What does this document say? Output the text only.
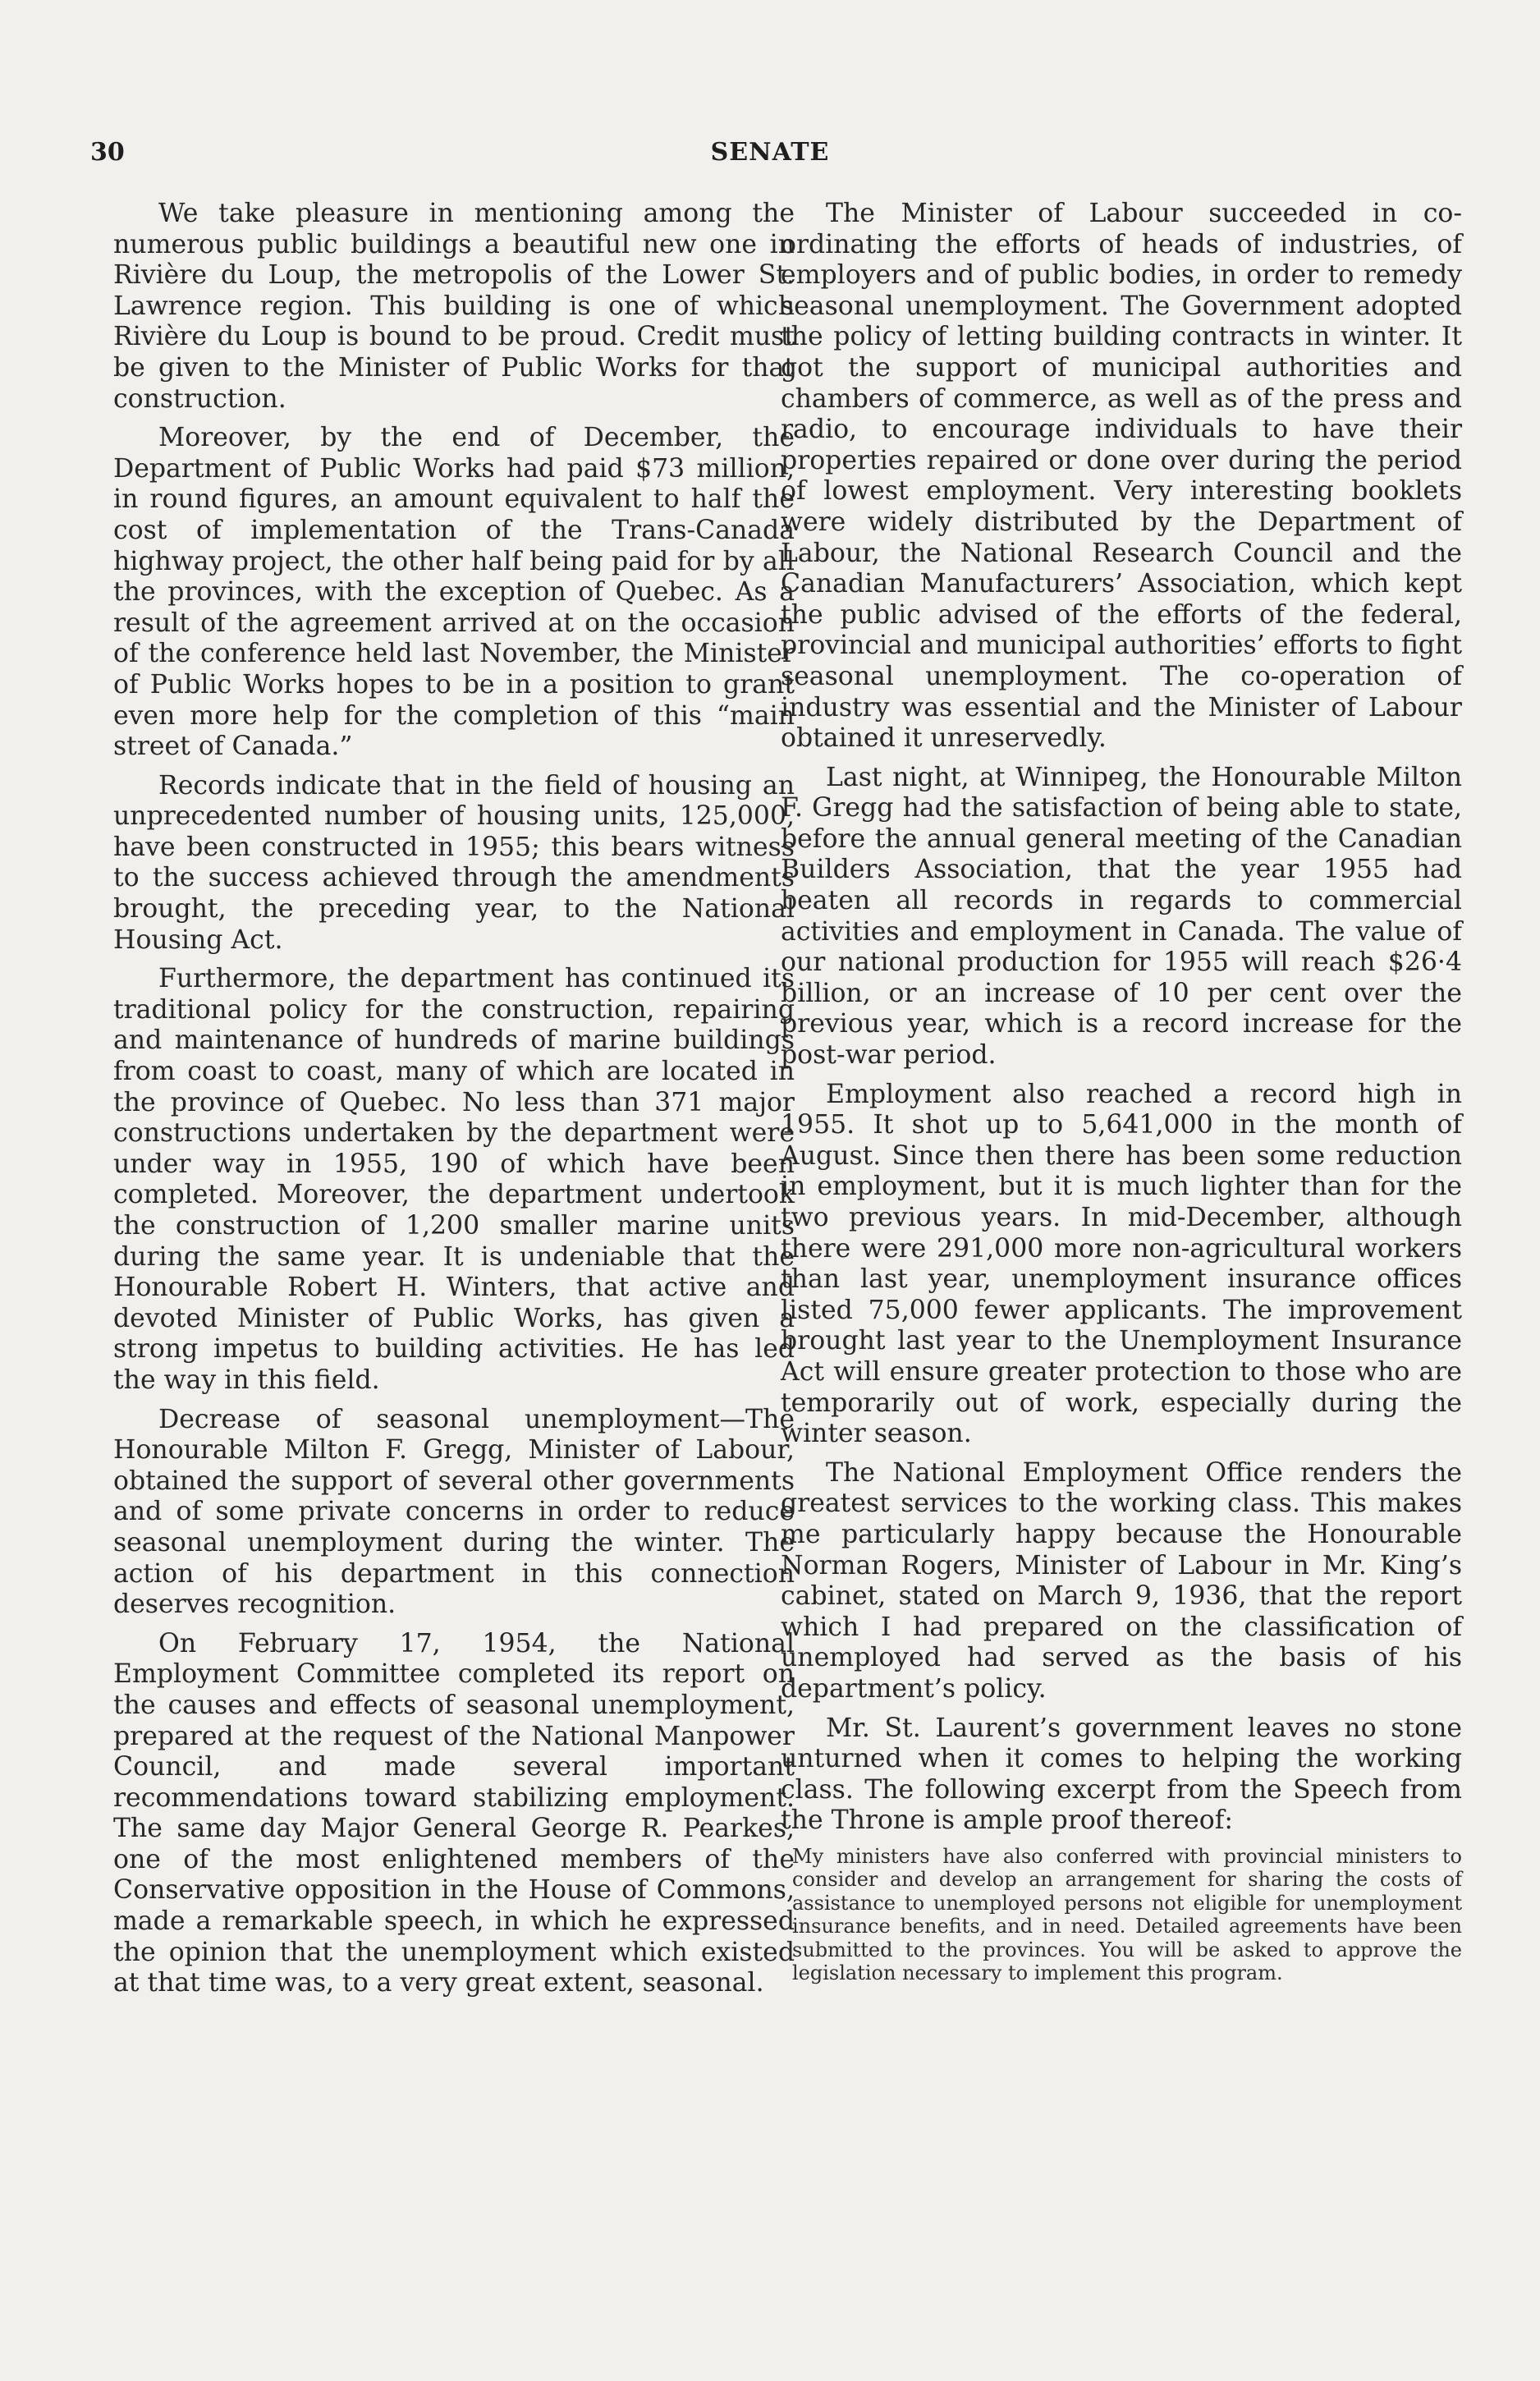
30	SENATE

We take pleasure in mentioning among the numerous public buildings a beautiful new one in Rivière du Loup, the metropolis of the Lower St. Lawrence region. This building is one of which Rivière du Loup is bound to be proud. Credit must be given to the Minister of Public Works for that construction.

Moreover, by the end of December, the Department of Public Works had paid $73 million, in round figures, an amount equivalent to half the cost of implementation of the Trans-Canada highway project, the other half being paid for by all the provinces, with the exception of Quebec. As a result of the agreement arrived at on the occasion of the conference held last November, the Minister of Public Works hopes to be in a position to grant even more help for the completion of this “main street of Canada.”

Records indicate that in the field of housing an unprecedented number of housing units, 125,000, have been constructed in 1955; this bears witness to the success achieved through the amendments brought, the preceding year, to the National Housing Act.

Furthermore, the department has continued its traditional policy for the construction, repairing and maintenance of hundreds of marine buildings from coast to coast, many of which are located in the province of Quebec. No less than 371 major constructions undertaken by the department were under way in 1955, 190 of which have been completed. Moreover, the department undertook the construction of 1,200 smaller marine units during the same year. It is undeniable that the Honourable Robert H. Winters, that active and devoted Minister of Public Works, has given a strong impetus to building activities. He has led the way in this field.

Decrease of seasonal unemployment—The Honourable Milton F. Gregg, Minister of Labour, obtained the support of several other governments and of some private concerns in order to reduce seasonal unemployment during the winter. The action of his department in this connection deserves recognition.

On February 17, 1954, the National Employment Committee completed its report on the causes and effects of seasonal unemployment, prepared at the request of the National Manpower Council, and made several important recommendations toward stabilizing employment. The same day Major General George R. Pearkes, one of the most enlightened members of the Conservative opposition in the House of Commons, made a remarkable speech, in which he expressed the opinion that the unemployment which existed at that time was, to a very great extent, seasonal.

The Minister of Labour succeeded in co-ordinating the efforts of heads of industries, of employers and of public bodies, in order to remedy seasonal unemployment. The Government adopted the policy of letting building contracts in winter. It got the support of municipal authorities and chambers of commerce, as well as of the press and radio, to encourage individuals to have their properties repaired or done over during the period of lowest employment. Very interesting booklets were widely distributed by the Department of Labour, the National Research Council and the Canadian Manufacturers’ Association, which kept the public advised of the efforts of the federal, provincial and municipal authorities’ efforts to fight seasonal unemployment. The co-operation of industry was essential and the Minister of Labour obtained it unreservedly.

Last night, at Winnipeg, the Honourable Milton F. Gregg had the satisfaction of being able to state, before the annual general meeting of the Canadian Builders Association, that the year 1955 had beaten all records in regards to commercial activities and employment in Canada. The value of our national production for 1955 will reach $26·4 billion, or an increase of 10 per cent over the previous year, which is a record increase for the post-war period.

Employment also reached a record high in 1955. It shot up to 5,641,000 in the month of August. Since then there has been some reduction in employment, but it is much lighter than for the two previous years. In mid-December, although there were 291,000 more non-agricultural workers than last year, unemployment insurance offices listed 75,000 fewer applicants. The improvement brought last year to the Unemployment Insurance Act will ensure greater protection to those who are temporarily out of work, especially during the winter season.

The National Employment Office renders the greatest services to the working class. This makes me particularly happy because the Honourable Norman Rogers, Minister of Labour in Mr. King’s cabinet, stated on March 9, 1936, that the report which I had prepared on the classification of unemployed had served as the basis of his department’s policy.

Mr. St. Laurent’s government leaves no stone unturned when it comes to helping the working class. The following excerpt from the Speech from the Throne is ample proof thereof:

My ministers have also conferred with provincial ministers to consider and develop an arrangement for sharing the costs of assistance to unemployed persons not eligible for unemployment insurance benefits, and in need. Detailed agreements have been submitted to the provinces. You will be asked to approve the legislation necessary to implement this program.
